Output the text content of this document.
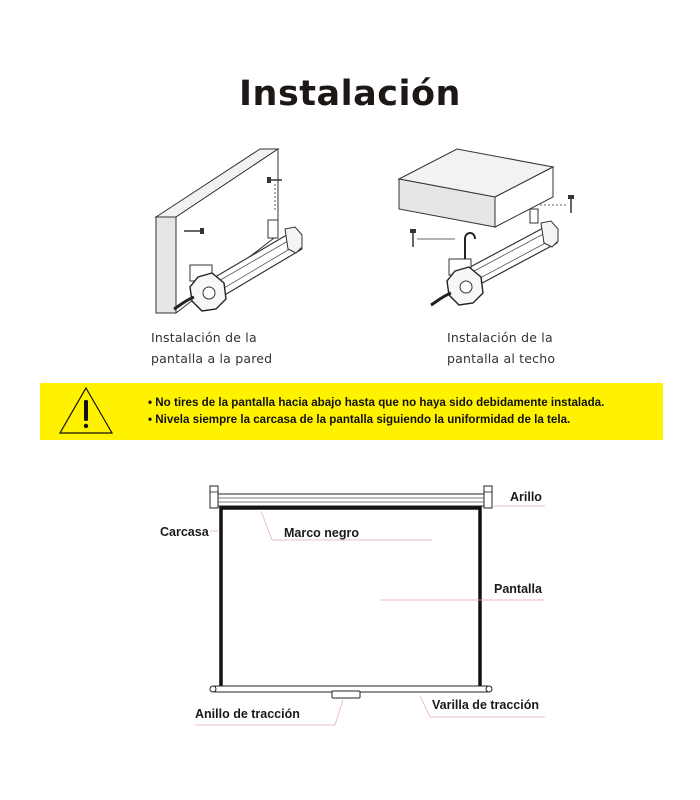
Instalación
Instalación de la
pantalla a la pared
Instalación de la
pantalla al techo
• No tires de la pantalla hacia abajo hasta que no haya sido debidamente instalada.
• Nivela siempre la carcasa de la pantalla siguiendo la uniformidad de la tela.
Arillo
Carcasa	Marco negro
Pantalla
Anillo de tracción
Varilla de tracción
